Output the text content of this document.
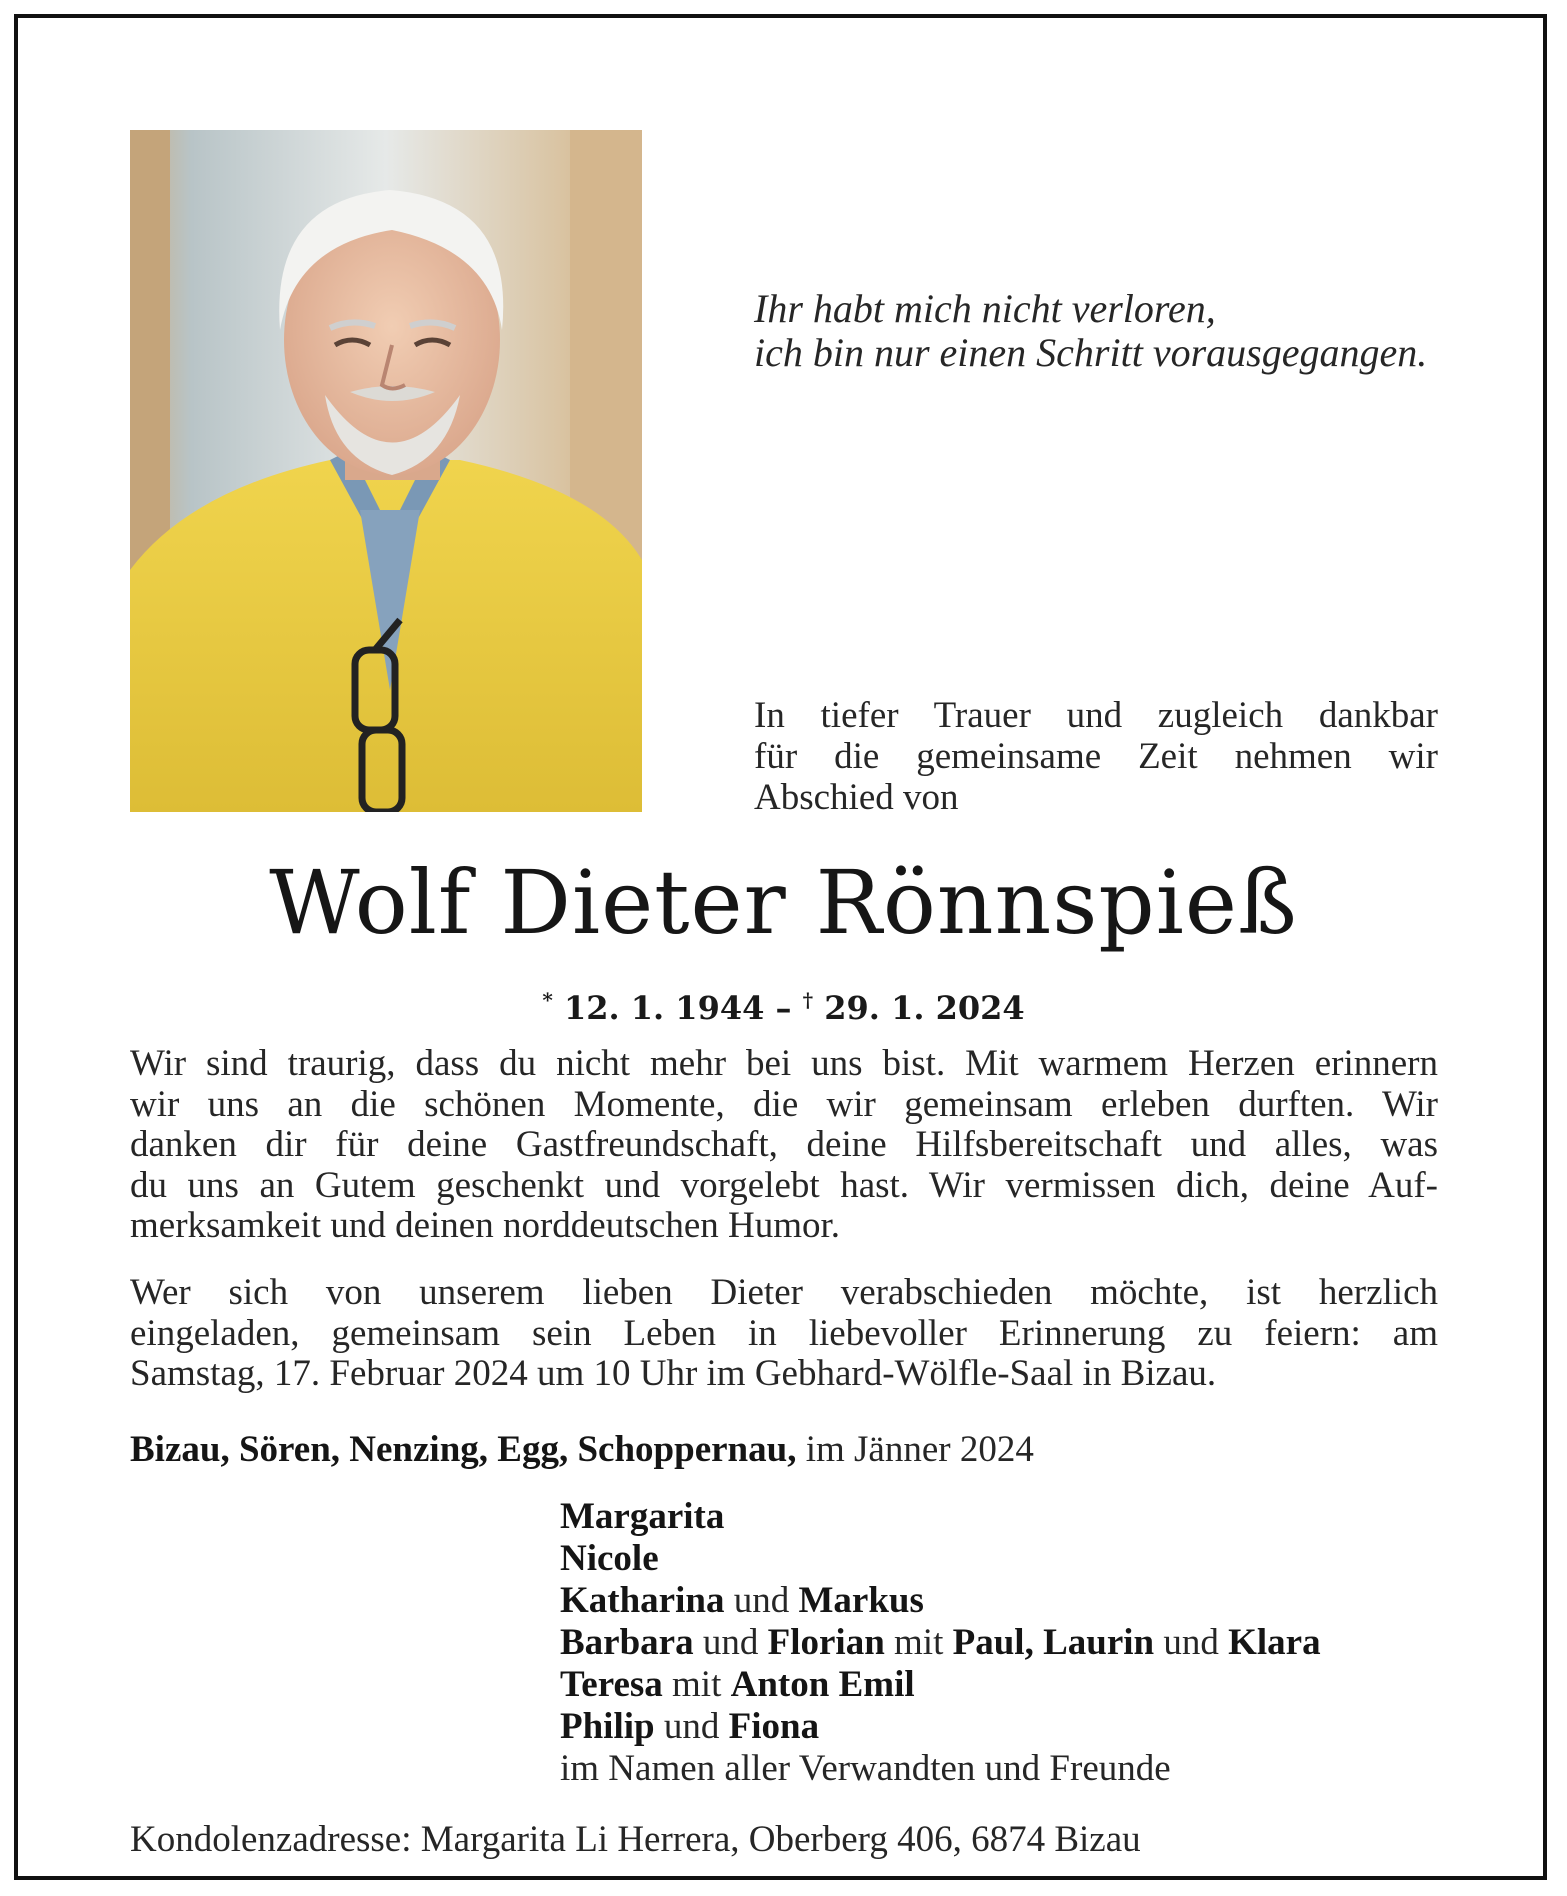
Ihr habt mich nicht verloren,
ich bin nur einen Schritt vorausgegangen.
In tiefer Trauer und zugleich dankbar
für die gemeinsame Zeit nehmen wir
Abschied von
Wolf Dieter Rönnspieß
* 12. 1. 1944 – † 29. 1. 2024
Wir sind traurig, dass du nicht mehr bei uns bist. Mit warmem Herzen erinnern
wir uns an die schönen Momente, die wir gemeinsam erleben durften. Wir
danken dir für deine Gastfreundschaft, deine Hilfsbereitschaft und alles, was
du uns an Gutem geschenkt und vorgelebt hast. Wir vermissen dich, deine Auf-
merksamkeit und deinen norddeutschen Humor.
Wer sich von unserem lieben Dieter verabschieden möchte, ist herzlich
eingeladen, gemeinsam sein Leben in liebevoller Erinnerung zu feiern: am
Samstag, 17. Februar 2024 um 10 Uhr im Gebhard-Wölfle-Saal in Bizau.
Bizau, Sören, Nenzing, Egg, Schoppernau, im Jänner 2024
Margarita
Nicole
Katharina und Markus
Barbara und Florian mit Paul, Laurin und Klara
Teresa mit Anton Emil
Philip und Fiona
im Namen aller Verwandten und Freunde
Kondolenzadresse: Margarita Li Herrera, Oberberg 406, 6874 Bizau
